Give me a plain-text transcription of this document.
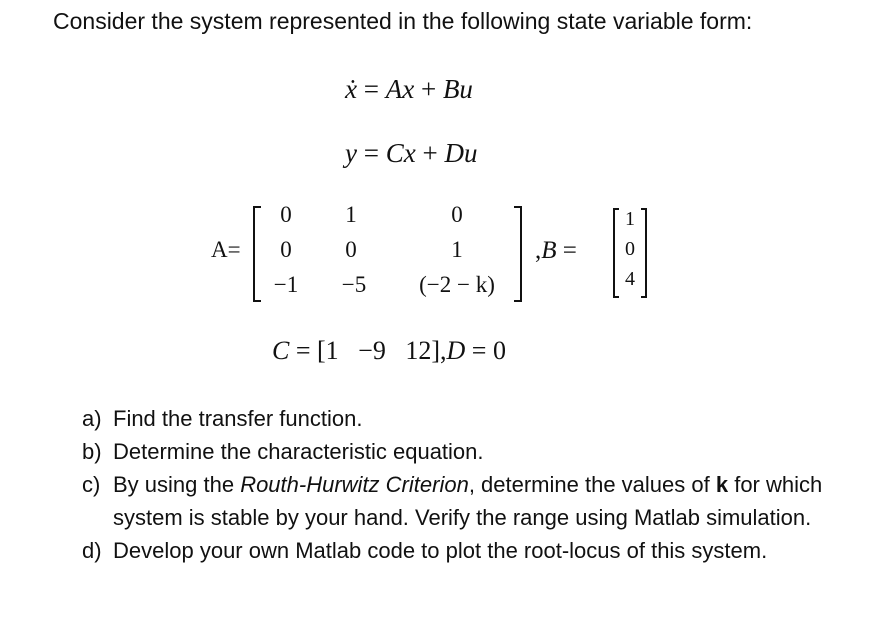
Consider the system represented in the following state variable form:
ẋ = Ax + Bu
y = Cx + Du
A=
0	1	0
0	0	1
−1	−5	(−2 − k)
,B =
1
0
4
C = [1   −9   12],D = 0
a) Find the transfer function.
b) Determine the characteristic equation.
c) By using the Routh-Hurwitz Criterion, determine the values of k for which system is stable by your hand. Verify the range using Matlab simulation.
d) Develop your own Matlab code to plot the root-locus of this system.
